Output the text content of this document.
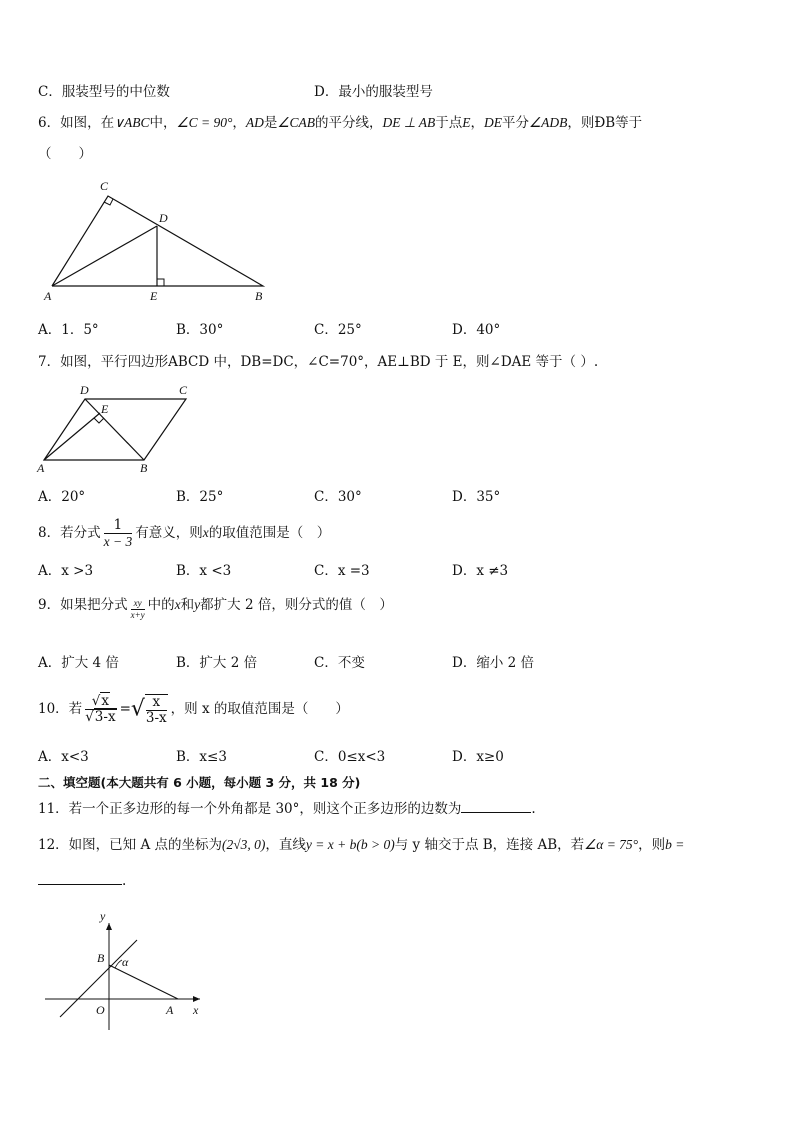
C．服装型号的中位数	D．最小的服装型号
6．如图，在∨ABC中，∠C = 90°，AD是∠CAB的平分线，DE ⊥ AB于点E，DE平分∠ADB，则ÐB等于
（　　）
C
D
A	E	B
A．1．5°	B．30°	C．25°	D．40°
7．如图，平行四边形ABCD 中，DB=DC，∠C=70°，AE⊥BD 于 E，则∠DAE 等于（ ）.
D	C
E
A	B
A．20°	B．25°	C．30°	D．35°
8．若分式 $\frac{1}{x - 3}$ 有意义，则x的取值范围是（　）
A．x >3	B．x <3	C．x =3	D．x ≠3
9．如果把分式 $\frac{xy}{x+y}$ 中的x和y都扩大 2 倍，则分式的值（　）
A．扩大 4 倍	B．扩大 2 倍	C．不变	D．缩小 2 倍
10．若 $\frac{√x}{√3-x}$ =√ $\frac{x}{3-x}$ ，则 x 的取值范围是（　　）
A．x<3	B．x≤3	C．0≤x<3	D．x≥0
二、填空题(本大题共有 6 小题，每小题 3 分，共 18 分)
11．若一个正多边形的每一个外角都是 30°，则这个正多边形的边数为	.
12．如图，已知 A 点的坐标为(2√3, 0)，直线y = x + b(b > 0)与 y 轴交于点 B，连接 AB，若∠α = 75°，则b =
.
y
x
O	A
B α
